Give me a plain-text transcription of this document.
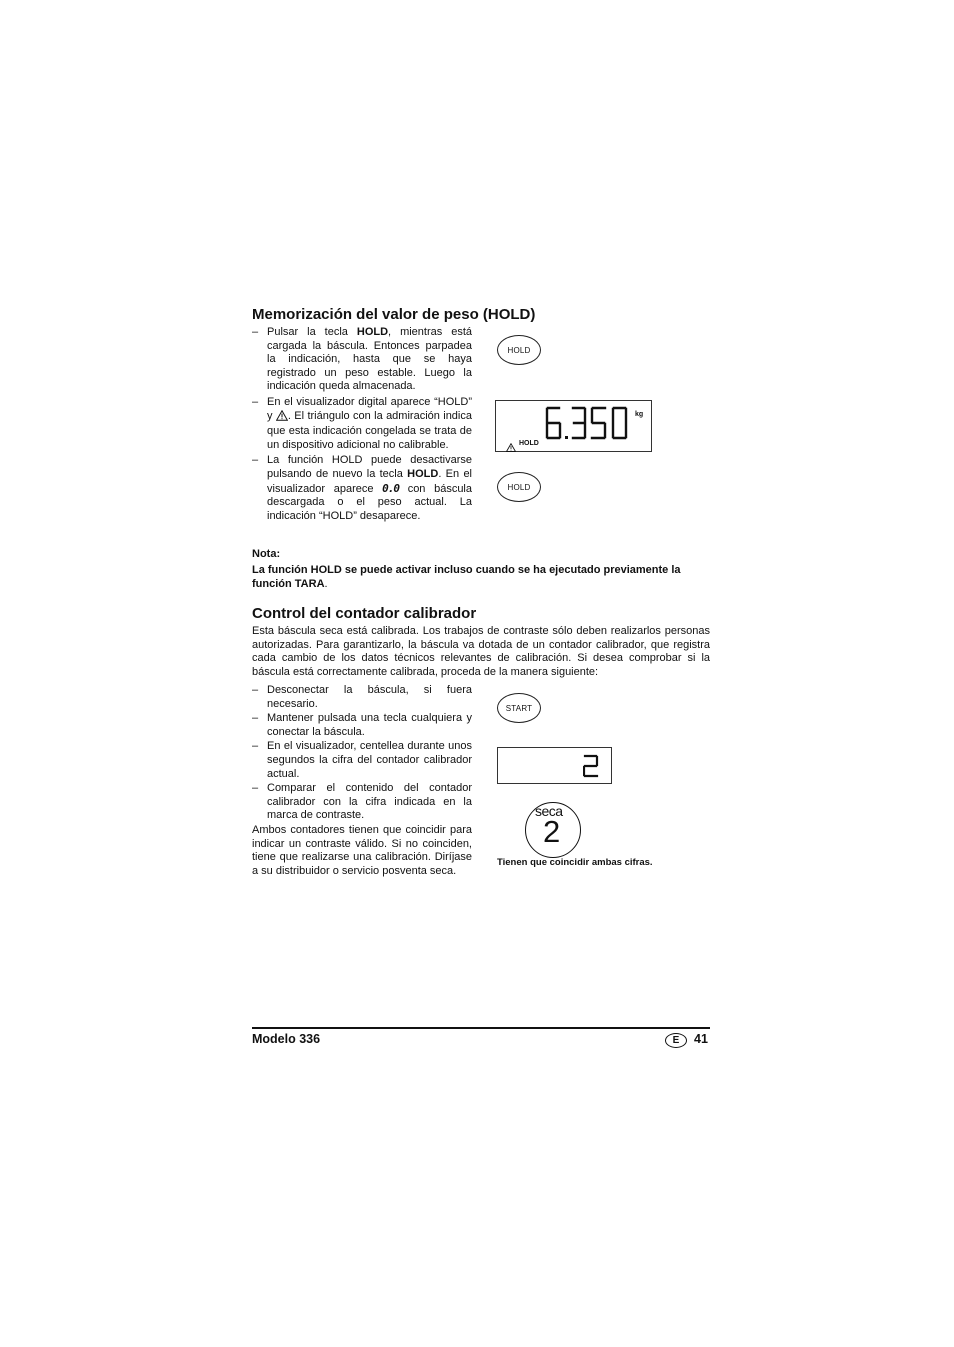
Memorización del valor de peso (HOLD)
– Pulsar la tecla HOLD, mientras está cargada la báscula. Entonces parpadea la indicación, hasta que se haya registrado un peso estable. Luego la indicación queda almacenada.
– En el visualizador digital aparece “HOLD” y . El triángulo con la admiración indica que esta indicación congelada se trata de un dispositivo adicional no calibrable.
– La función HOLD puede desactivarse pulsando de nuevo la tecla HOLD. En el visualizador aparece 0.0 con báscula descargada o el peso actual. La indicación “HOLD” desaparece.
HOLD
kg
HOLD
HOLD
Nota:
La función HOLD se puede activar incluso cuando se ha ejecutado previamente la función TARA.
Control del contador calibrador
Esta báscula seca está calibrada. Los trabajos de contraste sólo deben realizarlos personas autorizadas. Para garantizarlo, la báscula va dotada de un contador calibrador, que registra cada cambio de los datos técnicos relevantes de calibración. Si desea comprobar si la báscula está correctamente calibrada, proceda de la manera siguiente:
– Desconectar la báscula, si fuera necesario.
– Mantener pulsada una tecla cualquiera y conectar la báscula.
– En el visualizador, centellea durante unos segundos la cifra del contador calibrador actual.
– Comparar el contenido del contador calibrador con la cifra indicada en la marca de contraste.
Ambos contadores tienen que coincidir para indicar un contraste válido. Si no coinciden, tiene que realizarse una calibración. Diríjase a su distribuidor o servicio posventa seca.
START
seca
2
Tienen que coincidir ambas cifras.
Modelo 336	E	41
